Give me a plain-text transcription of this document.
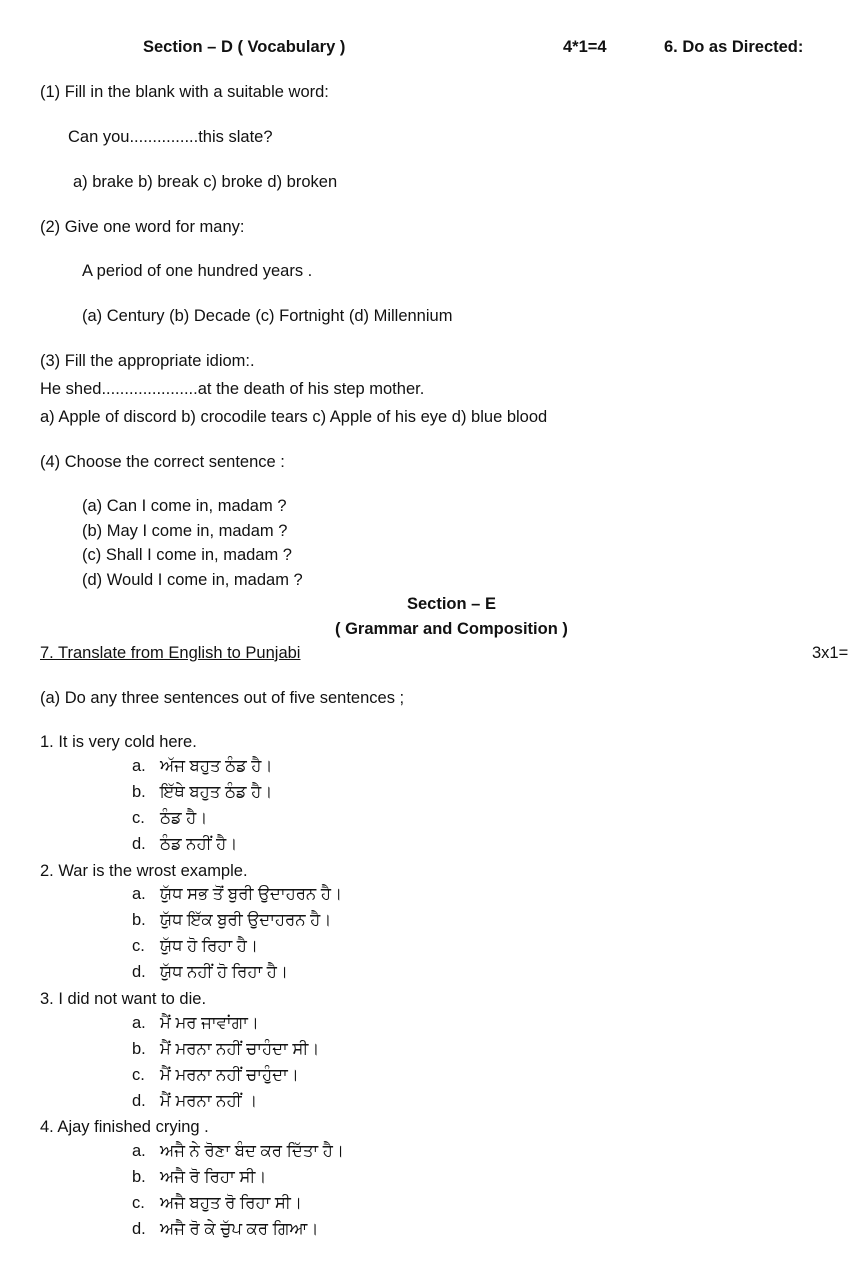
Section – D ( Vocabulary )	4*1=4	6. Do as Directed:
(1) Fill in the blank with a suitable word:
Can you...............this slate?
a) brake b) break c) broke d) broken
(2) Give one word for many:
A period of one hundred years .
(a) Century (b) Decade (c) Fortnight (d) Millennium
(3) Fill the appropriate idiom:.
He shed.....................at the death of his step mother.
a) Apple of discord b) crocodile tears c) Apple of his eye d) blue blood
(4) Choose the correct sentence :
(a) Can I come in, madam ?
(b) May I come in, madam ?
(c) Shall I come in, madam ?
(d) Would I come in, madam ?
Section – E
( Grammar and Composition )
7. Translate from English to Punjabi	3x1=
(a) Do any three sentences out of five sentences ;
1. It is very cold here.
a. ਅੱਜ ਬਹੁਤ ਠੰਡ ਹੈ।
b. ਇੱਥੇ ਬਹੁਤ ਠੰਡ ਹੈ।
c. ਠੰਡ ਹੈ।
d. ਠੰਡ ਨਹੀਂ ਹੈ।
2. War is the wrost example.
a. ਯੁੱਧ ਸਭ ਤੋਂ ਬੁਰੀ ਉਦਾਹਰਨ ਹੈ।
b. ਯੁੱਧ ਇੱਕ ਬੁਰੀ ਉਦਾਹਰਨ ਹੈ।
c. ਯੁੱਧ ਹੋ ਰਿਹਾ ਹੈ।
d. ਯੁੱਧ ਨਹੀਂ ਹੋ ਰਿਹਾ ਹੈ।
3. I did not want to die.
a. ਮੈਂ ਮਰ ਜਾਵਾਂਗਾ।
b. ਮੈਂ ਮਰਨਾ ਨਹੀਂ ਚਾਹੰਦਾ ਸੀ।
c. ਮੈਂ ਮਰਨਾ ਨਹੀਂ ਚਾਹੁੰਦਾ।
d. ਮੈਂ ਮਰਨਾ ਨਹੀਂ ।
4. Ajay finished crying .
a. ਅਜੈ ਨੇ ਰੋਣਾ ਬੰਦ ਕਰ ਦਿੱਤਾ ਹੈ।
b. ਅਜੈ ਰੋ ਰਿਹਾ ਸੀ।
c. ਅਜੈ ਬਹੁਤ ਰੋ ਰਿਹਾ ਸੀ।
d. ਅਜੈ ਰੋ ਕੇ ਚੁੱਪ ਕਰ ਗਿਆ।
